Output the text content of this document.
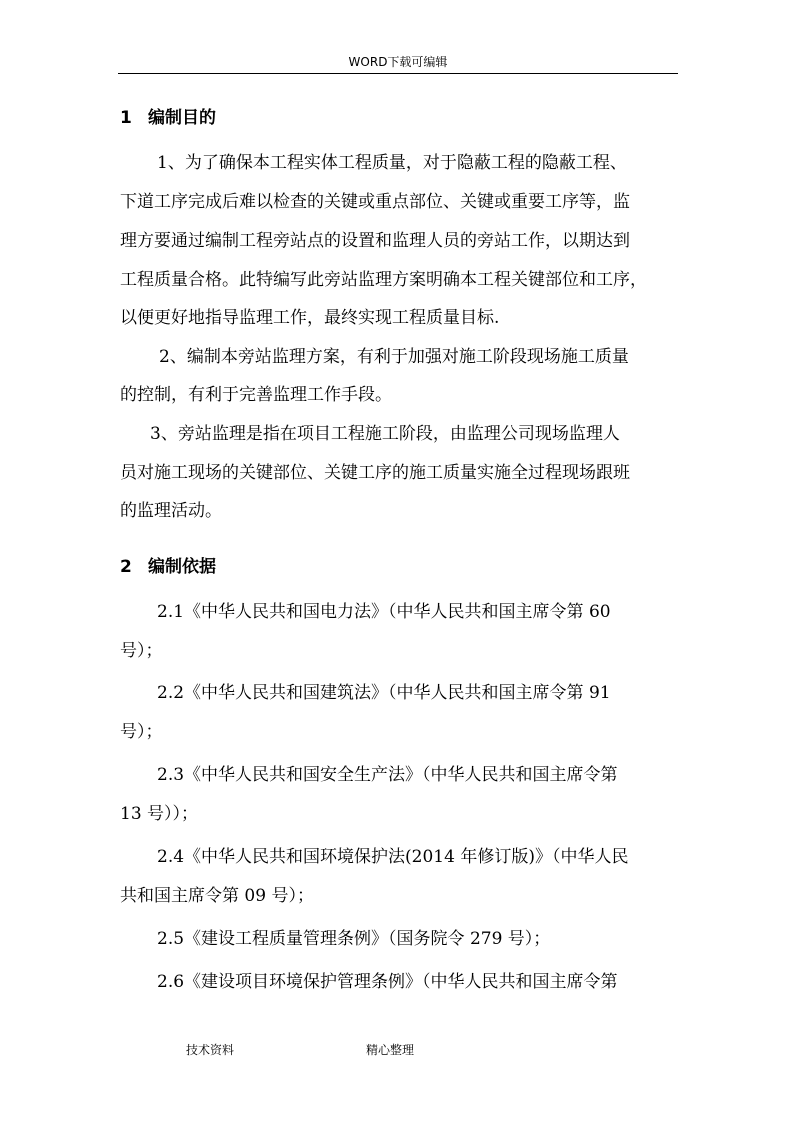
WORD下载可编辑
1 编制目的
1、为了确保本工程实体工程质量，对于隐蔽工程的隐蔽工程、
下道工序完成后难以检查的关键或重点部位、关键或重要工序等，监
理方要通过编制工程旁站点的设置和监理人员的旁站工作，以期达到
工程质量合格。此特编写此旁站监理方案明确本工程关键部位和工序，
以便更好地指导监理工作，最终实现工程质量目标.
2、编制本旁站监理方案，有利于加强对施工阶段现场施工质量
的控制，有利于完善监理工作手段。
3、旁站监理是指在项目工程施工阶段，由监理公司现场监理人
员对施工现场的关键部位、关键工序的施工质量实施全过程现场跟班
的监理活动。
2 编制依据
2.1《中华人民共和国电力法》（中华人民共和国主席令第 60
号）；
2.2《中华人民共和国建筑法》（中华人民共和国主席令第 91
号）；
2.3《中华人民共和国安全生产法》（中华人民共和国主席令第
13 号））；
2.4《中华人民共和国环境保护法(2014 年修订版)》（中华人民
共和国主席令第 09 号）；
2.5《建设工程质量管理条例》（国务院令 279 号）；
2.6《建设项目环境保护管理条例》（中华人民共和国主席令第
技术资料	精心整理
